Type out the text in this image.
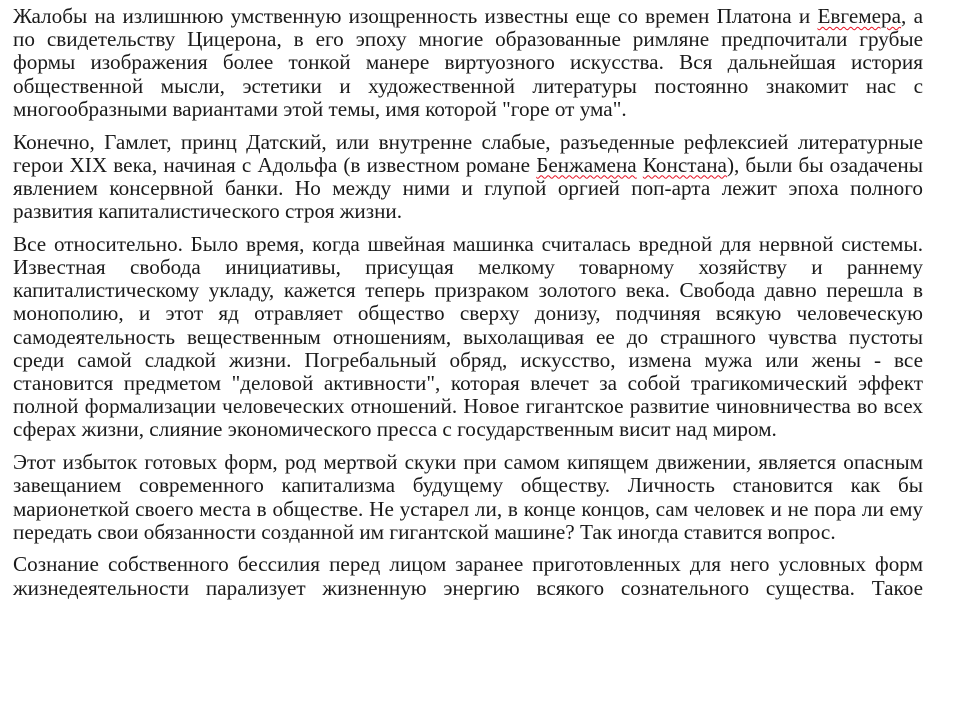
Жалобы на излишнюю умственную изощренность известны еще со времен Платона и Евгемера, а по свидетельству Цицерона, в его эпоху многие образованные римляне предпочитали грубые формы изображения более тонкой манере виртуозного искусства. Вся дальнейшая история общественной мысли, эстетики и художественной литературы постоянно знакомит нас с многообразными вариантами этой темы, имя которой "горе от ума".

Конечно, Гамлет, принц Датский, или внутренне слабые, разъеденные рефлексией литературные герои XIX века, начиная с Адольфа (в известном романе Бенжамена Констана), были бы озадачены явлением консервной банки. Но между ними и глупой оргией поп-арта лежит эпоха полного развития капиталистического строя жизни.

Все относительно. Было время, когда швейная машинка считалась вредной для нервной системы. Известная свобода инициативы, присущая мелкому товарному хозяйству и раннему капиталистическому укладу, кажется теперь призраком золотого века. Свобода давно перешла в монополию, и этот яд отравляет общество сверху донизу, подчиняя всякую человеческую самодеятельность вещественным отношениям, выхолащивая ее до страшного чувства пустоты среди самой сладкой жизни. Погребальный обряд, искусство, измена мужа или жены - все становится предметом "деловой активности", которая влечет за собой трагикомический эффект полной формализации человеческих отношений. Новое гигантское развитие чиновничества во всех сферах жизни, слияние экономического пресса с государственным висит над миром.

Этот избыток готовых форм, род мертвой скуки при самом кипящем движении, является опасным завещанием современного капитализма будущему обществу. Личность становится как бы марионеткой своего места в обществе. Не устарел ли, в конце концов, сам человек и не пора ли ему передать свои обязанности созданной им гигантской машине? Так иногда ставится вопрос.

Сознание собственного бессилия перед лицом заранее приготовленных для него условных форм жизнедеятельности парализует жизненную энергию всякого сознательного существа. Такое
